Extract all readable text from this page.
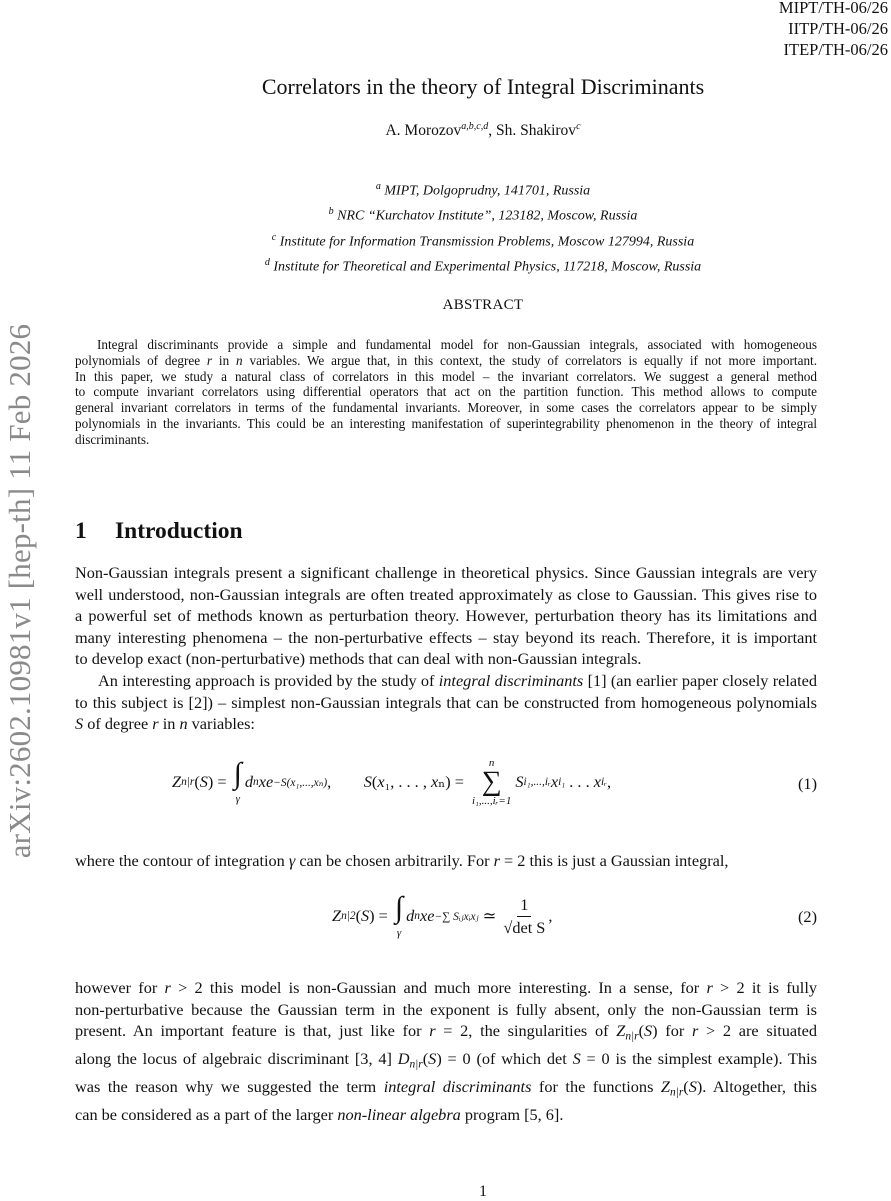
MIPT/TH-06/26
IITP/TH-06/26
ITEP/TH-06/26
arXiv:2602.10981v1 [hep-th] 11 Feb 2026
Correlators in the theory of Integral Discriminants
A. Morozov$^{a,b,c,d}$, Sh. Shakirov$^c$
$^a$ MIPT, Dolgoprudny, 141701, Russia
$^b$ NRC “Kurchatov Institute”, 123182, Moscow, Russia
$^c$ Institute for Information Transmission Problems, Moscow 127994, Russia
$^d$ Institute for Theoretical and Experimental Physics, 117218, Moscow, Russia
ABSTRACT
Integral discriminants provide a simple and fundamental model for non-Gaussian integrals, associated with homogeneous
polynomials of degree r in n variables. We argue that, in this context, the study of correlators is equally if not more important.
In this paper, we study a natural class of correlators in this model – the invariant correlators. We suggest a general method
to compute invariant correlators using differential operators that act on the partition function. This method allows to compute
general invariant correlators in terms of the fundamental invariants. Moreover, in some cases the correlators appear to be simply
polynomials in the invariants. This could be an interesting manifestation of superintegrability phenomenon in the theory of integral
discriminants.
1 Introduction
Non-Gaussian integrals present a significant challenge in theoretical physics. Since Gaussian integrals are very
well understood, non-Gaussian integrals are often treated approximately as close to Gaussian. This gives rise to
a powerful set of methods known as perturbation theory. However, perturbation theory has its limitations and
many interesting phenomena – the non-perturbative effects – stay beyond its reach. Therefore, it is important
to develop exact (non-perturbative) methods that can deal with non-Gaussian integrals.
An interesting approach is provided by the study of integral discriminants [1] (an earlier paper closely related
to this subject is [2]) – simplest non-Gaussian integrals that can be constructed from homogeneous polynomials
S of degree r in n variables:
Z n|r ( S ) = ∫
γ
d n xe −S(x₁,...,xₙ) , S ( x ₁, . . . , x ₙ) =
n
∑
i₁,...,iᵣ=1
S i₁,...,iᵣ x i₁ . . . x iᵣ ,	(1)
where the contour of integration γ can be chosen arbitrarily. For r = 2 this is just a Gaussian integral,
Z n|2 ( S ) = ∫
γ
d n xe −∑ Sᵢⱼxᵢxⱼ ≃ $\frac{1}{\text{√det S}}$ ,	(2)
however for r > 2 this model is non-Gaussian and much more interesting. In a sense, for r > 2 it is fully
non-perturbative because the Gaussian term in the exponent is fully absent, only the non-Gaussian term is
present. An important feature is that, just like for r = 2, the singularities of $Z_{n|r}(S)$ for r > 2 are situated
along the locus of algebraic discriminant [3, 4] $D_{n|r}(S) = 0$ (of which det S = 0 is the simplest example). This
was the reason why we suggested the term integral discriminants for the functions $Z_{n|r}(S)$. Altogether, this
can be considered as a part of the larger non-linear algebra program [5, 6].
1
